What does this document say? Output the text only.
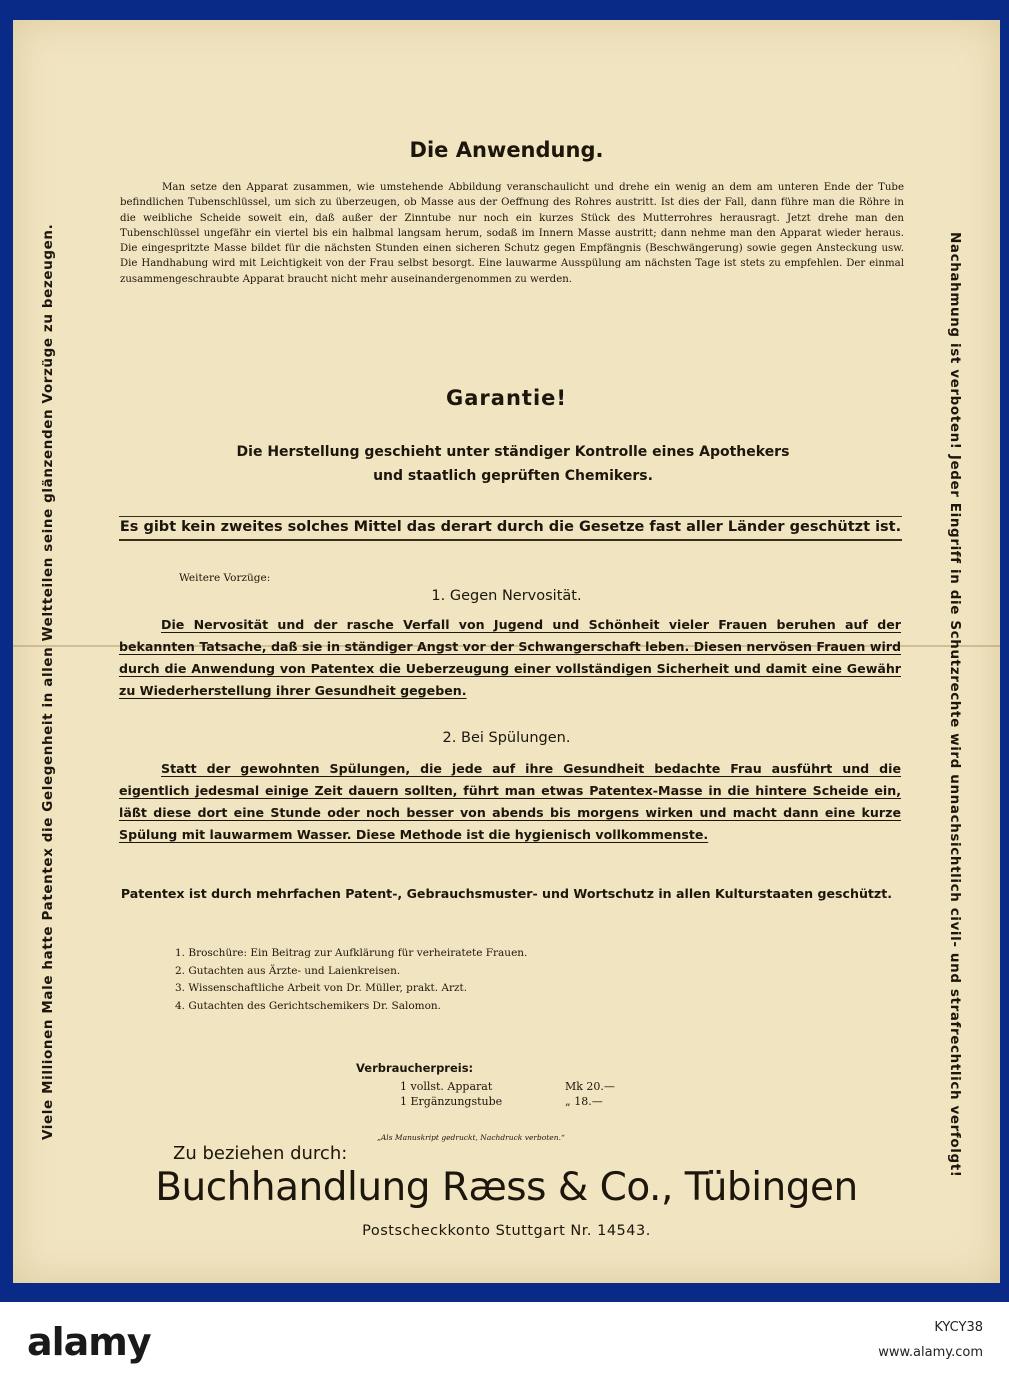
Viele Millionen Male hatte Patentex die Gelegenheit in allen Weltteilen seine glänzenden Vorzüge zu bezeugen.	Nachahmung ist verboten! Jeder Eingriff in die Schutzrechte wird unnachsichtlich civil- und strafrechtlich verfolgt!
Die Anwendung.

Man setze den Apparat zusammen, wie umstehende Abbildung veranschaulicht und drehe ein wenig an dem am unteren Ende der Tube befindlichen Tubenschlüssel, um sich zu überzeugen, ob Masse aus der Oeffnung des Rohres austritt. Ist dies der Fall, dann führe man die Röhre in die weibliche Scheide soweit ein, daß außer der Zinntube nur noch ein kurzes Stück des Mutterrohres herausragt. Jetzt drehe man den Tubenschlüssel ungefähr ein viertel bis ein halbmal langsam herum, sodaß im Innern Masse austritt; dann nehme man den Apparat wieder heraus. Die eingespritzte Masse bildet für die nächsten Stunden einen sicheren Schutz gegen Empfängnis (Beschwängerung) sowie gegen Ansteckung usw. Die Handhabung wird mit Leichtigkeit von der Frau selbst besorgt. Eine lauwarme Ausspülung am nächsten Tage ist stets zu empfehlen. Der einmal zusammengeschraubte Apparat braucht nicht mehr auseinandergenommen zu werden.

Garantie!
Die Herstellung geschieht unter ständiger Kontrolle eines Apothekers
und staatlich geprüften Chemikers.
Es gibt kein zweites solches Mittel das derart durch die Gesetze fast aller Länder geschützt ist.
Weitere Vorzüge:
1. Gegen Nervosität.

Die Nervosität und der rasche Verfall von Jugend und Schönheit vieler Frauen beruhen auf der bekannten Tatsache, daß sie in ständiger Angst vor der Schwangerschaft leben. Diesen nervösen Frauen wird durch die Anwendung von Patentex die Ueberzeugung einer vollständigen Sicherheit und damit eine Gewähr zu Wiederherstellung ihrer Gesundheit gegeben.

2. Bei Spülungen.

Statt der gewohnten Spülungen, die jede auf ihre Gesundheit bedachte Frau ausführt und die eigentlich jedesmal einige Zeit dauern sollten, führt man etwas Patentex-Masse in die hintere Scheide ein, läßt diese dort eine Stunde oder noch besser von abends bis morgens wirken und macht dann eine kurze Spülung mit lauwarmem Wasser. Diese Methode ist die hygienisch vollkommenste.

Patentex ist durch mehrfachen Patent-, Gebrauchsmuster- und Wortschutz in allen Kulturstaaten geschützt.
1. Broschüre: Ein Beitrag zur Aufklärung für verheiratete Frauen.
2. Gutachten aus Ärzte- und Laienkreisen.
3. Wissenschaftliche Arbeit von Dr. Müller, prakt. Arzt.
4. Gutachten des Gerichtschemikers Dr. Salomon.
Verbraucherpreis:
1 vollst. Apparat	Mk 20.—
1 Ergänzungstube	„ 18.—
„Als Manuskript gedruckt, Nachdruck verboten.“
Zu beziehen durch:
Buchhandlung Ræss & Co., Tübingen
Postscheckkonto Stuttgart Nr. 14543.
alamy	KYCY38
www.alamy.com
